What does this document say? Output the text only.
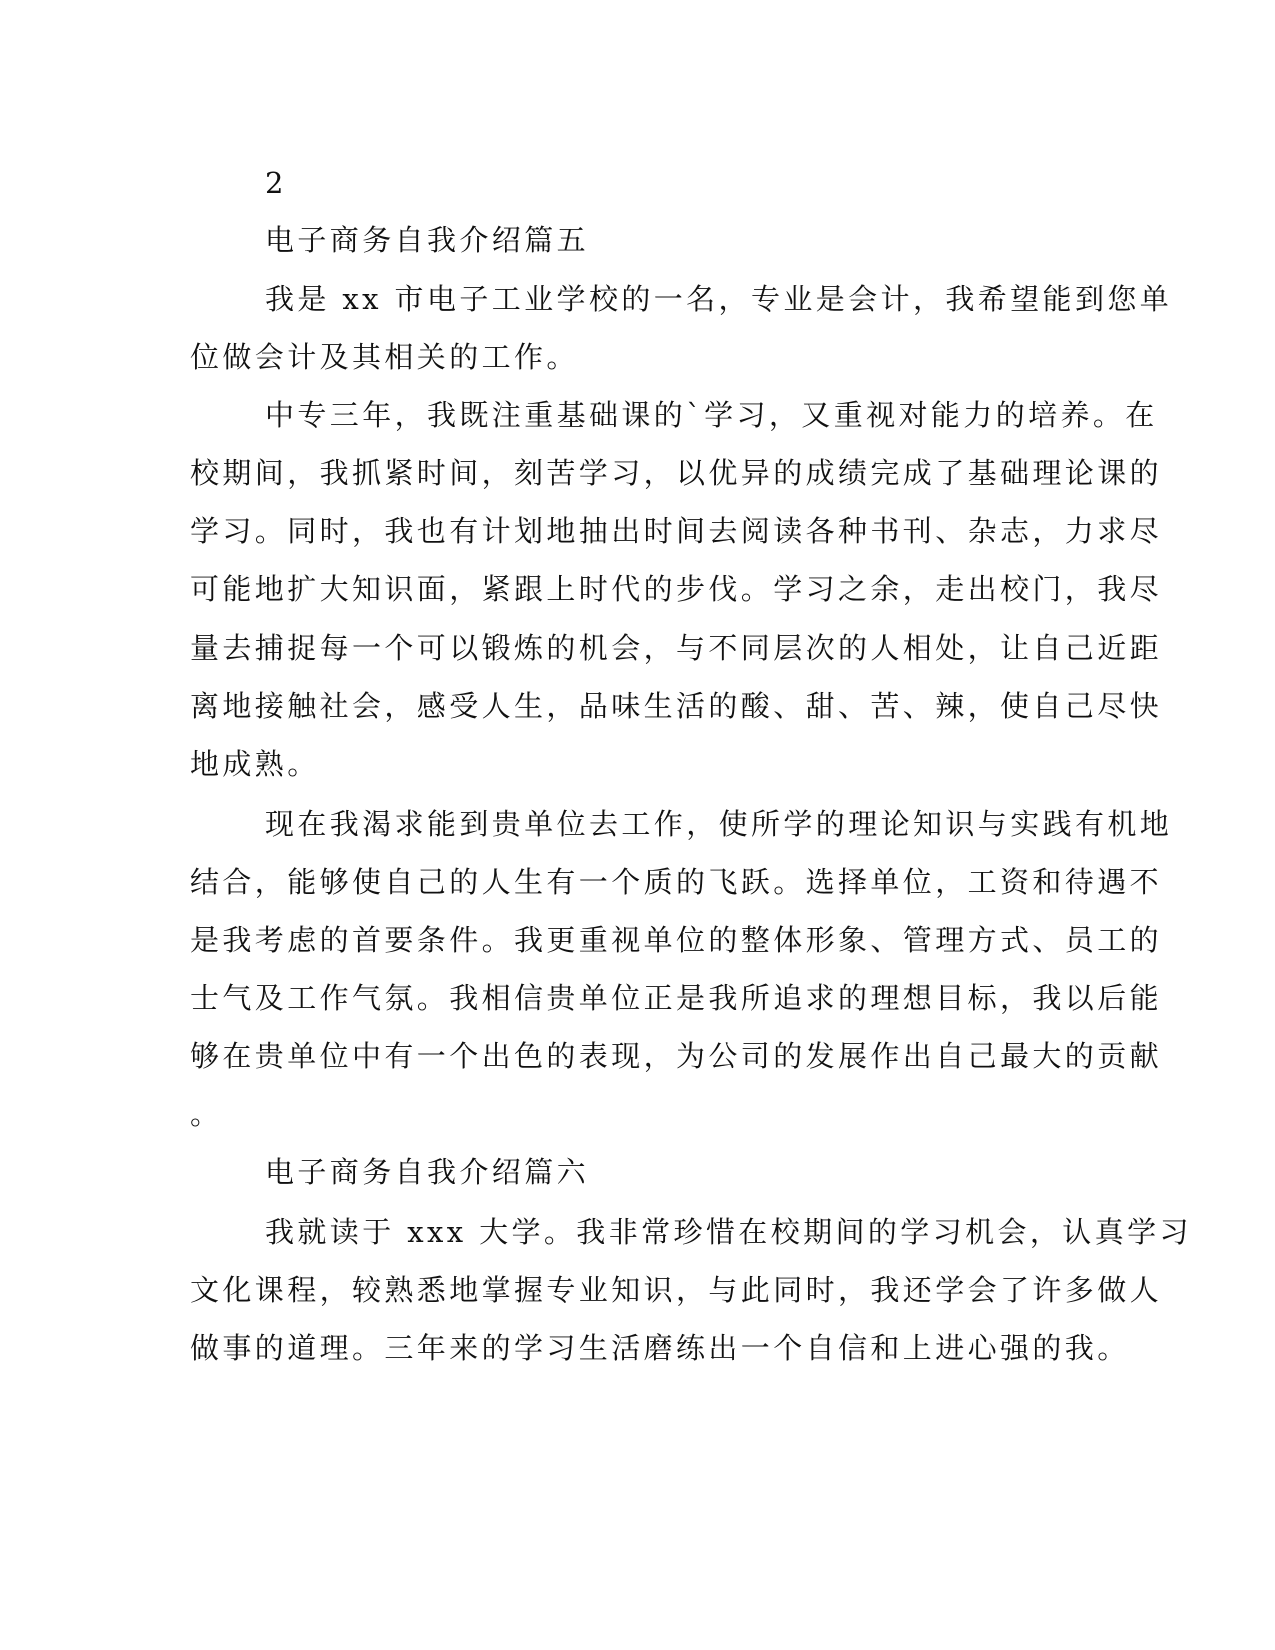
2
电子商务自我介绍篇五
我是 xx 市电子工业学校的一名，专业是会计，我希望能到您单
位做会计及其相关的工作。
中专三年，我既注重基础课的`学习，又重视对能力的培养。在
校期间，我抓紧时间，刻苦学习，以优异的成绩完成了基础理论课的
学习。同时，我也有计划地抽出时间去阅读各种书刊、杂志，力求尽
可能地扩大知识面，紧跟上时代的步伐。学习之余，走出校门，我尽
量去捕捉每一个可以锻炼的机会，与不同层次的人相处，让自己近距
离地接触社会，感受人生，品味生活的酸、甜、苦、辣，使自己尽快
地成熟。
现在我渴求能到贵单位去工作，使所学的理论知识与实践有机地
结合，能够使自己的人生有一个质的飞跃。选择单位，工资和待遇不
是我考虑的首要条件。我更重视单位的整体形象、管理方式、员工的
士气及工作气氛。我相信贵单位正是我所追求的理想目标，我以后能
够在贵单位中有一个出色的表现，为公司的发展作出自己最大的贡献
。
电子商务自我介绍篇六
我就读于 xxx 大学。我非常珍惜在校期间的学习机会，认真学习
文化课程，较熟悉地掌握专业知识，与此同时，我还学会了许多做人
做事的道理。三年来的学习生活磨练出一个自信和上进心强的我。
